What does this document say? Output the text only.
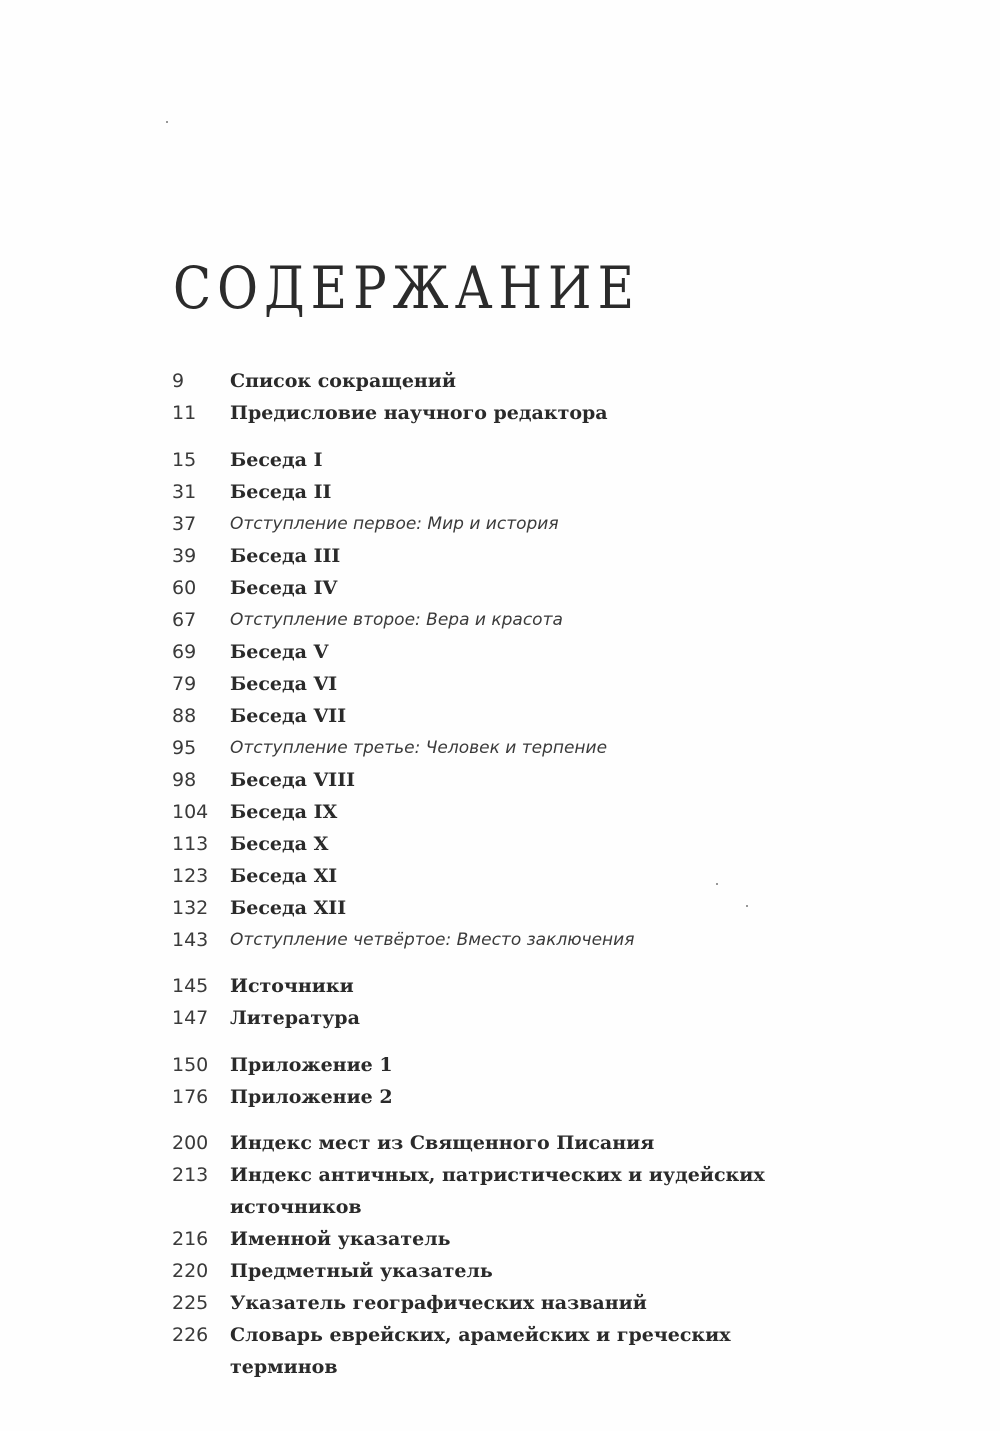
СОДЕРЖАНИЕ
9	Список сокращений
11	Предисловие научного редактора
15	Беседа I
31	Беседа II
37	Отступление первое: Мир и история
39	Беседа III
60	Беседа IV
67	Отступление второе: Вера и красота
69	Беседа V
79	Беседа VI
88	Беседа VII
95	Отступление третье: Человек и терпение
98	Беседа VIII
104	Беседа IX
113	Беседа X
123	Беседа XI
132	Беседа XII
143	Отступление четвёртое: Вместо заключения
145	Источники
147	Литература
150	Приложение 1
176	Приложение 2
200	Индекс мест из Священного Писания
213	Индекс античных, патристических и иудейских источников
216	Именной указатель
220	Предметный указатель
225	Указатель географических названий
226	Словарь еврейских, арамейских и греческих терминов
